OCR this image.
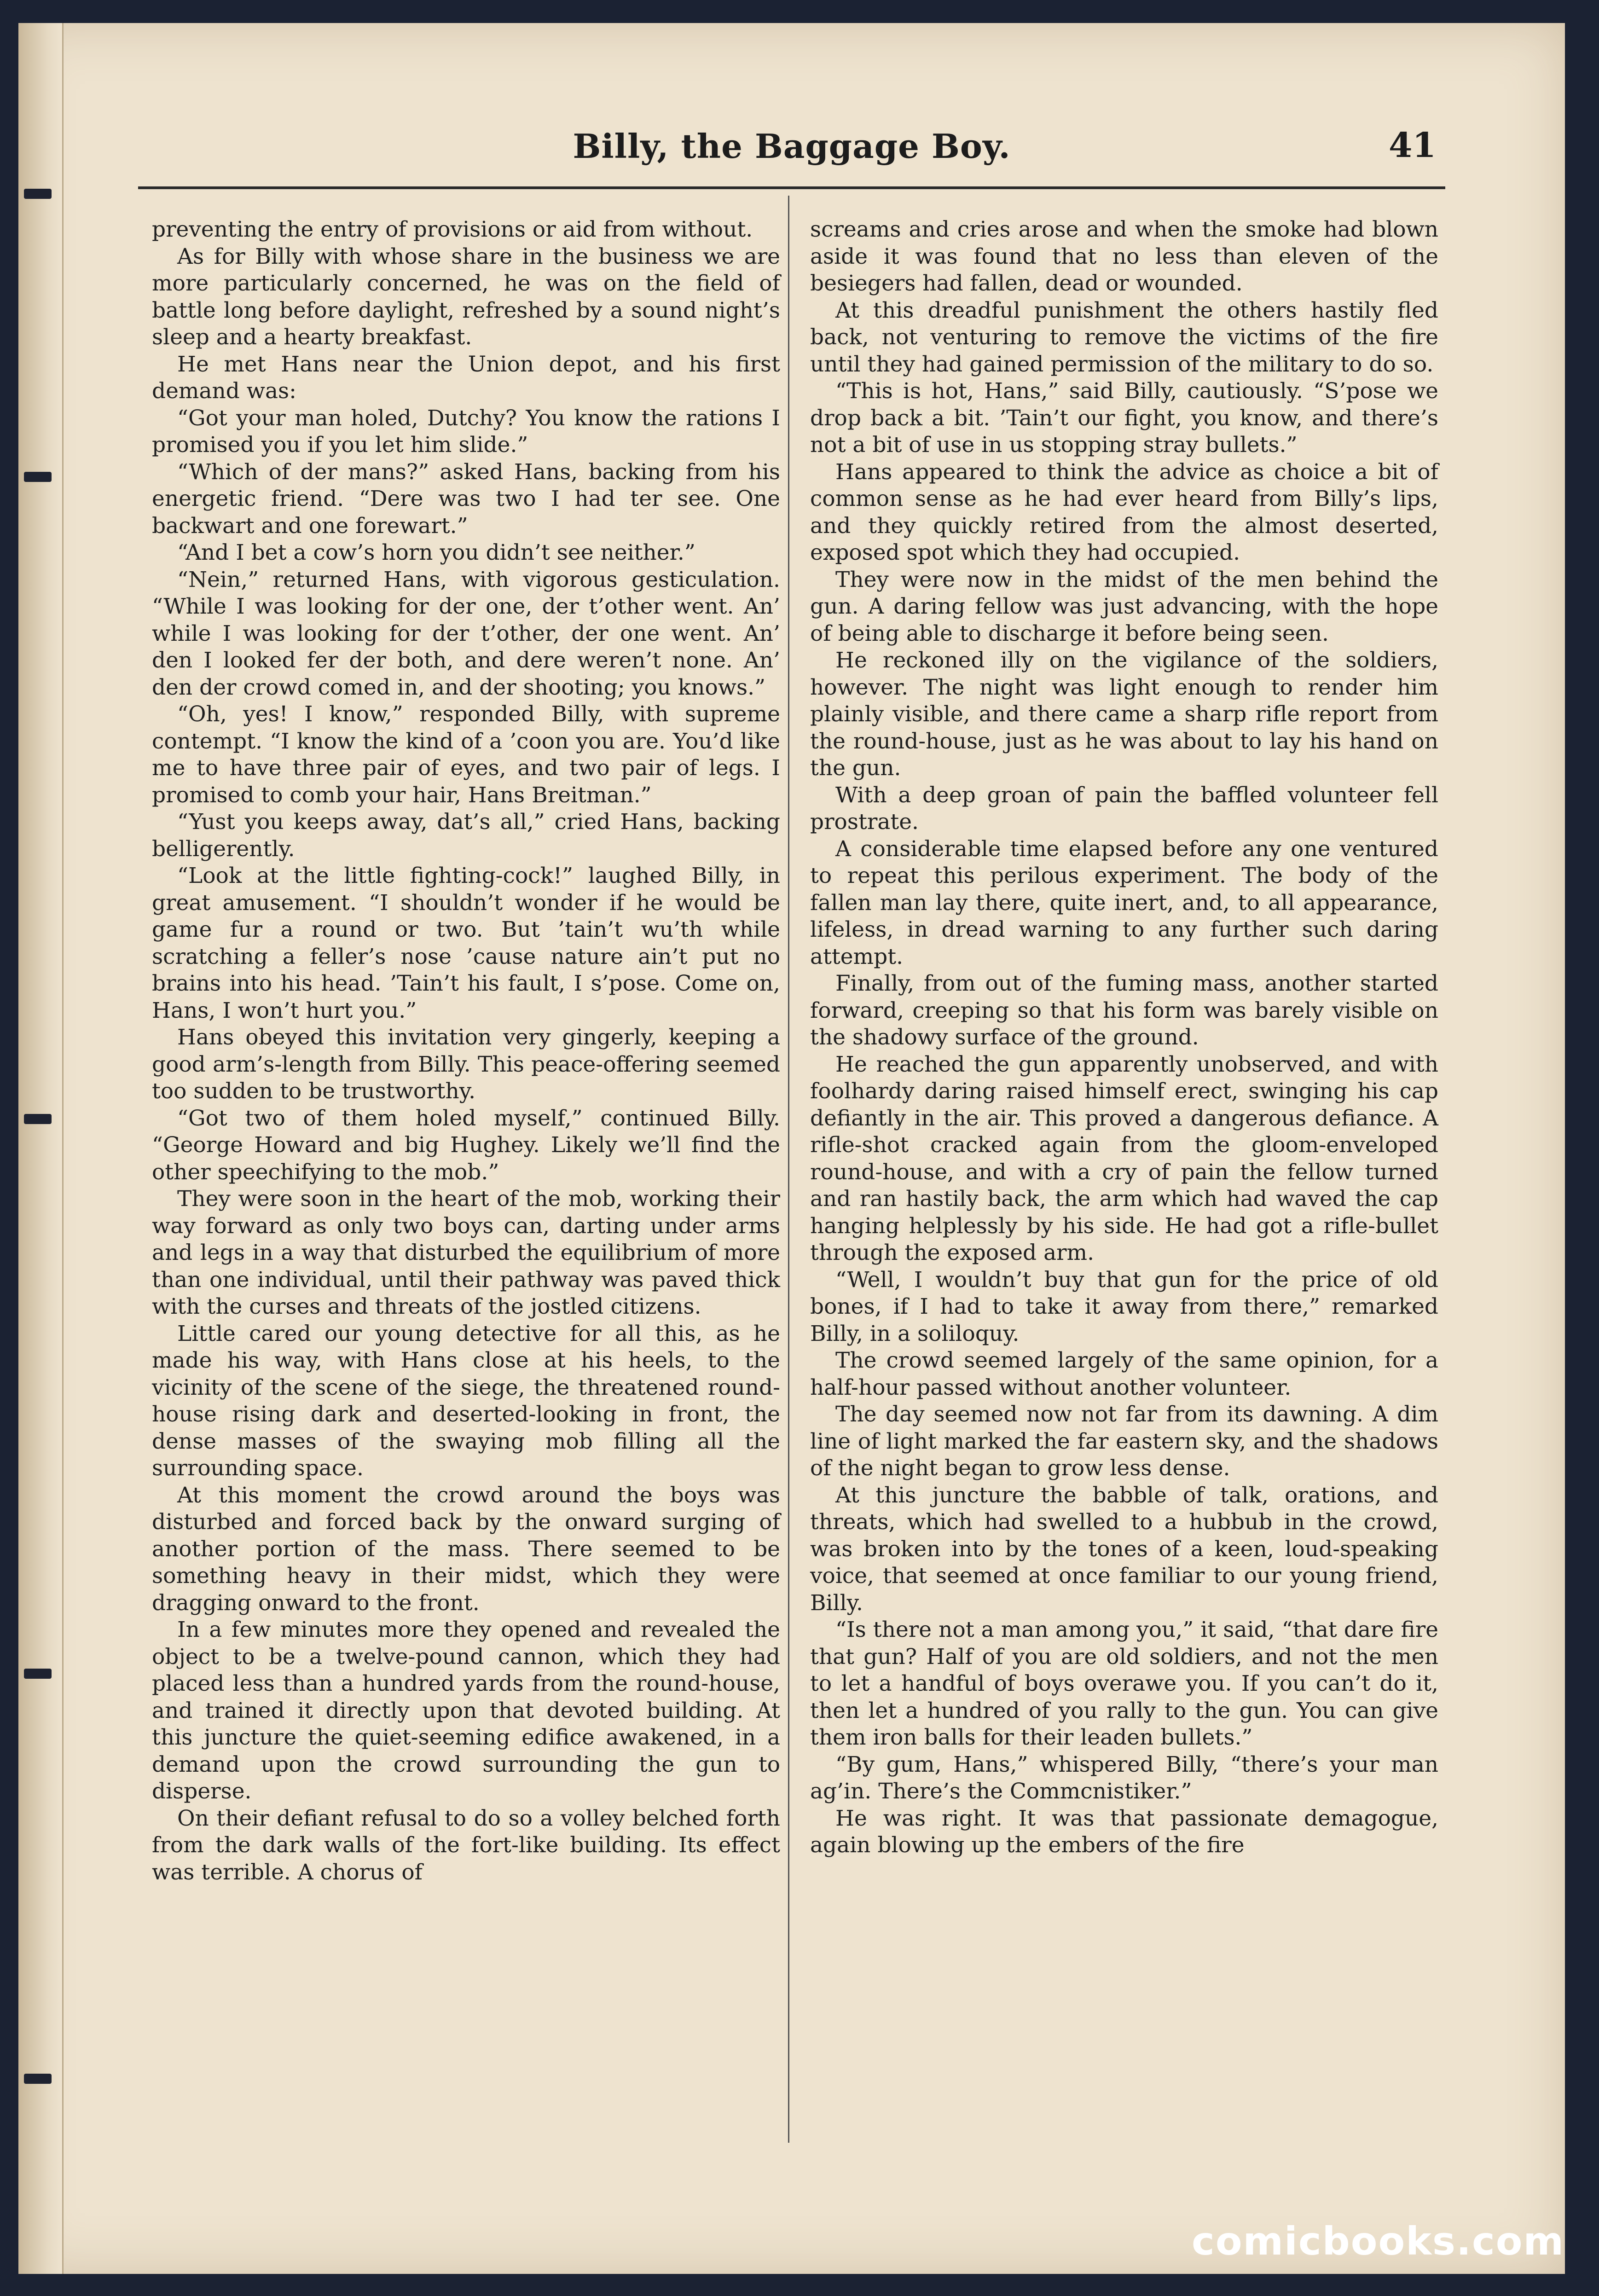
Billy, the Baggage Boy.	41

preventing the entry of provisions or aid from without.

As for Billy with whose share in the business we are more particularly concerned, he was on the field of battle long before daylight, refreshed by a sound night’s sleep and a hearty breakfast.

He met Hans near the Union depot, and his first demand was:

“Got your man holed, Dutchy? You know the rations I promised you if you let him slide.”

“Which of der mans?” asked Hans, backing from his energetic friend. “Dere was two I had ter see. One backwart and one forewart.”

“And I bet a cow’s horn you didn’t see neither.”

“Nein,” returned Hans, with vigorous gesticulation. “While I was looking for der one, der t’other went. An’ while I was looking for der t’other, der one went. An’ den I looked fer der both, and dere weren’t none. An’ den der crowd comed in, and der shooting; you knows.”

“Oh, yes! I know,” responded Billy, with supreme contempt. “I know the kind of a ’coon you are. You’d like me to have three pair of eyes, and two pair of legs. I promised to comb your hair, Hans Breitman.”

“Yust you keeps away, dat’s all,” cried Hans, backing belligerently.

“Look at the little fighting-cock!” laughed Billy, in great amusement. “I shouldn’t wonder if he would be game fur a round or two. But ’tain’t wu’th while scratching a feller’s nose ’cause nature ain’t put no brains into his head. ’Tain’t his fault, I s’pose. Come on, Hans, I won’t hurt you.”

Hans obeyed this invitation very gingerly, keeping a good arm’s-length from Billy. This peace-offering seemed too sudden to be trustworthy.

“Got two of them holed myself,” continued Billy. “George Howard and big Hughey. Likely we’ll find the other speechifying to the mob.”

They were soon in the heart of the mob, working their way forward as only two boys can, darting under arms and legs in a way that disturbed the equilibrium of more than one individual, until their pathway was paved thick with the curses and threats of the jostled citizens.

Little cared our young detective for all this, as he made his way, with Hans close at his heels, to the vicinity of the scene of the siege, the threatened round-house rising dark and deserted-looking in front, the dense masses of the swaying mob filling all the surrounding space.

At this moment the crowd around the boys was disturbed and forced back by the onward surging of another portion of the mass. There seemed to be something heavy in their midst, which they were dragging onward to the front.

In a few minutes more they opened and revealed the object to be a twelve-pound cannon, which they had placed less than a hundred yards from the round-house, and trained it directly upon that devoted building. At this juncture the quiet-seeming edifice awakened, in a demand upon the crowd surrounding the gun to disperse.

On their defiant refusal to do so a volley belched forth from the dark walls of the fort-like building. Its effect was terrible. A chorus of

screams and cries arose and when the smoke had blown aside it was found that no less than eleven of the besiegers had fallen, dead or wounded.

At this dreadful punishment the others hastily fled back, not venturing to remove the victims of the fire until they had gained permission of the military to do so.

“This is hot, Hans,” said Billy, cautiously. “S’pose we drop back a bit. ’Tain’t our fight, you know, and there’s not a bit of use in us stopping stray bullets.”

Hans appeared to think the advice as choice a bit of common sense as he had ever heard from Billy’s lips, and they quickly retired from the almost deserted, exposed spot which they had occupied.

They were now in the midst of the men behind the gun. A daring fellow was just advancing, with the hope of being able to discharge it before being seen.

He reckoned illy on the vigilance of the soldiers, however. The night was light enough to render him plainly visible, and there came a sharp rifle report from the round-house, just as he was about to lay his hand on the gun.

With a deep groan of pain the baffled volunteer fell prostrate.

A considerable time elapsed before any one ventured to repeat this perilous experiment. The body of the fallen man lay there, quite inert, and, to all appearance, lifeless, in dread warning to any further such daring attempt.

Finally, from out of the fuming mass, another started forward, creeping so that his form was barely visible on the shadowy surface of the ground.

He reached the gun apparently unobserved, and with foolhardy daring raised himself erect, swinging his cap defiantly in the air. This proved a dangerous defiance. A rifle-shot cracked again from the gloom-enveloped round-house, and with a cry of pain the fellow turned and ran hastily back, the arm which had waved the cap hanging helplessly by his side. He had got a rifle-bullet through the exposed arm.

“Well, I wouldn’t buy that gun for the price of old bones, if I had to take it away from there,” remarked Billy, in a soliloquy.

The crowd seemed largely of the same opinion, for a half-hour passed without another volunteer.

The day seemed now not far from its dawning. A dim line of light marked the far eastern sky, and the shadows of the night began to grow less dense.

At this juncture the babble of talk, orations, and threats, which had swelled to a hubbub in the crowd, was broken into by the tones of a keen, loud-speaking voice, that seemed at once familiar to our young friend, Billy.

“Is there not a man among you,” it said, “that dare fire that gun? Half of you are old soldiers, and not the men to let a handful of boys overawe you. If you can’t do it, then let a hundred of you rally to the gun. You can give them iron balls for their leaden bullets.”

“By gum, Hans,” whispered Billy, “there’s your man ag’in. There’s the Commcnistiker.”

He was right. It was that passionate demagogue, again blowing up the embers of the fire

comicbooks.com
